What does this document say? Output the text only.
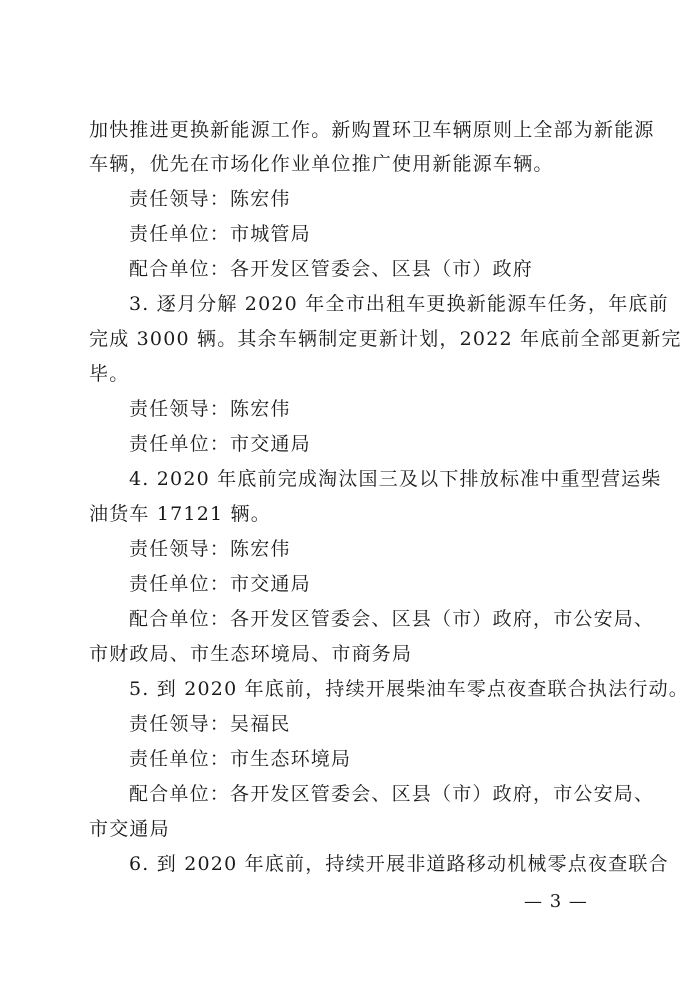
加快推进更换新能源工作。新购置环卫车辆原则上全部为新能源
车辆，优先在市场化作业单位推广使用新能源车辆。
责任领导：陈宏伟
责任单位：市城管局
配合单位：各开发区管委会、区县（市）政府
3. 逐月分解 2020 年全市出租车更换新能源车任务，年底前
完成 3000 辆。其余车辆制定更新计划，2022 年底前全部更新完
毕。
责任领导：陈宏伟
责任单位：市交通局
4. 2020 年底前完成淘汰国三及以下排放标准中重型营运柴
油货车 17121 辆。
责任领导：陈宏伟
责任单位：市交通局
配合单位：各开发区管委会、区县（市）政府，市公安局、
市财政局、市生态环境局、市商务局
5. 到 2020 年底前，持续开展柴油车零点夜查联合执法行动。
责任领导：吴福民
责任单位：市生态环境局
配合单位：各开发区管委会、区县（市）政府，市公安局、
市交通局
6. 到 2020 年底前，持续开展非道路移动机械零点夜查联合
— 3 —
